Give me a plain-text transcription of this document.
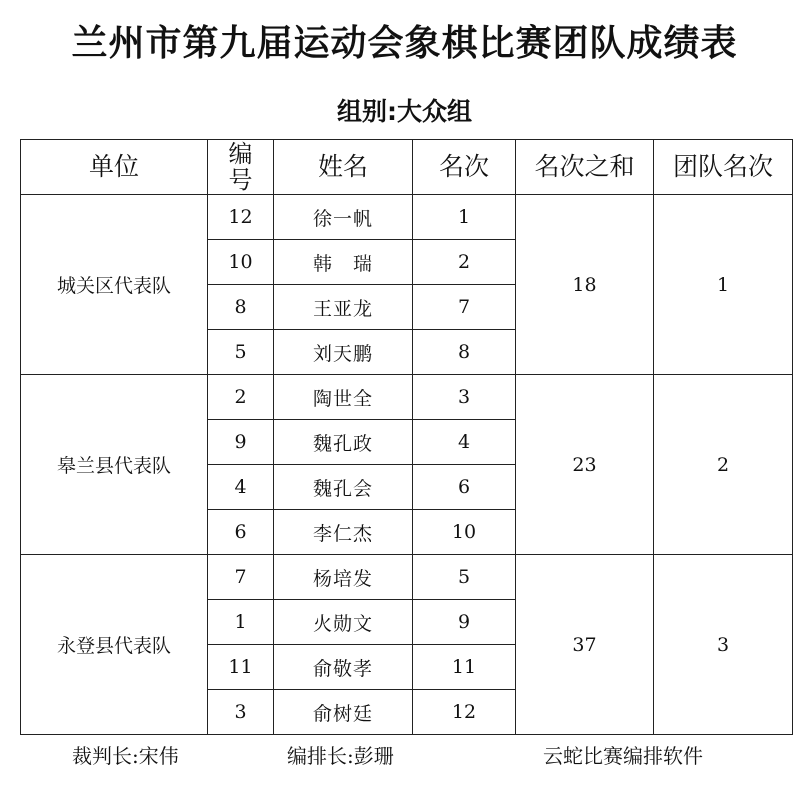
兰州市第九届运动会象棋比赛团队成绩表
组别:大众组
单位	编号	姓名	名次	名次之和	团队名次
城关区代表队	12	徐一帆	1	18	1
	10	韩　瑞	2		
	8	王亚龙	7		
	5	刘天鹏	8		
皋兰县代表队	2	陶世全	3	23	2
	9	魏孔政	4		
	4	魏孔会	6		
	6	李仁杰	10		
永登县代表队	7	杨培发	5	37	3
	1	火勋文	9		
	11	俞敬孝	11		
	3	俞树廷	12		
裁判长:宋伟	编排长:彭珊	云蛇比赛编排软件
